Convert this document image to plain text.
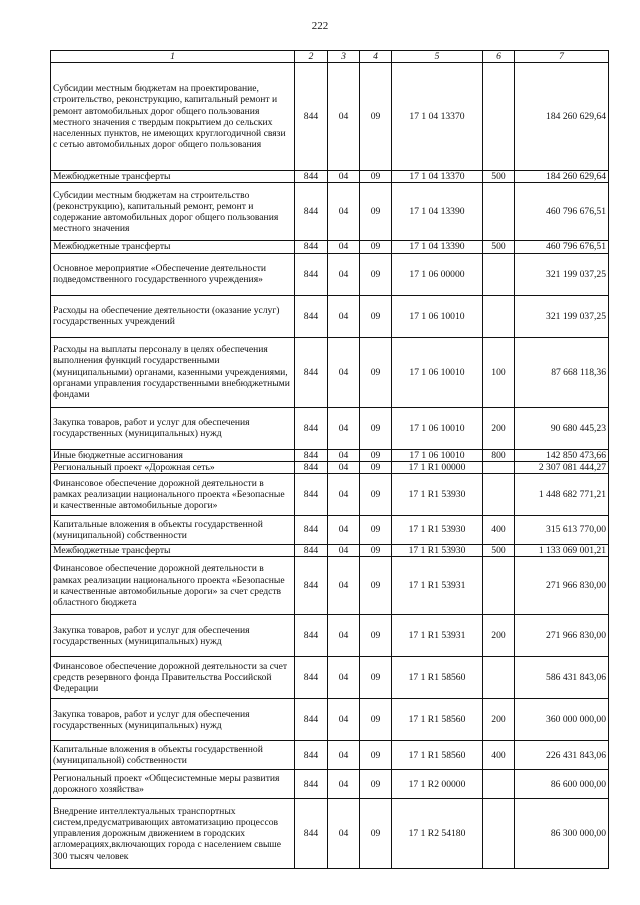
222
1	2	3	4	5	6	7
Субсидии местным бюджетам на проектирование, строительство, реконструкцию, капитальный ремонт и ремонт автомобильных дорог общего пользования местного значения с твердым покрытием до сельских населенных пунктов, не имеющих круглогодичной связи с сетью автомобильных дорог общего пользования	844	04	09	17 1 04 13370		184 260 629,64
Межбюджетные трансферты	844	04	09	17 1 04 13370	500	184 260 629,64
Субсидии местным бюджетам на строительство (реконструкцию), капитальный ремонт, ремонт и содержание автомобильных дорог общего пользования местного значения	844	04	09	17 1 04 13390		460 796 676,51
Межбюджетные трансферты	844	04	09	17 1 04 13390	500	460 796 676,51
Основное мероприятие «Обеспечение деятельности подведомственного государственного учреждения»	844	04	09	17 1 06 00000		321 199 037,25
Расходы на обеспечение деятельности (оказание услуг) государственных учреждений	844	04	09	17 1 06 10010		321 199 037,25
Расходы на выплаты персоналу в целях обеспечения выполнения функций государственными (муниципальными) органами, казенными учреждениями, органами управления государственными внебюджетными фондами	844	04	09	17 1 06 10010	100	87 668 118,36
Закупка товаров, работ и услуг для обеспечения государственных (муниципальных) нужд	844	04	09	17 1 06 10010	200	90 680 445,23
Иные бюджетные ассигнования	844	04	09	17 1 06 10010	800	142 850 473,66
Региональный проект «Дорожная сеть»	844	04	09	17 1 R1 00000		2 307 081 444,27
Финансовое обеспечение дорожной деятельности в рамках реализации национального проекта «Безопасные и качественные автомобильные дороги»	844	04	09	17 1 R1 53930		1 448 682 771,21
Капитальные вложения в объекты государственной (муниципальной) собственности	844	04	09	17 1 R1 53930	400	315 613 770,00
Межбюджетные трансферты	844	04	09	17 1 R1 53930	500	1 133 069 001,21
Финансовое обеспечение дорожной деятельности в рамках реализации национального проекта «Безопасные и качественные автомобильные дороги» за счет средств областного бюджета	844	04	09	17 1 R1 53931		271 966 830,00
Закупка товаров, работ и услуг для обеспечения государственных (муниципальных) нужд	844	04	09	17 1 R1 53931	200	271 966 830,00
Финансовое обеспечение дорожной деятельности за счет средств резервного фонда Правительства Российской Федерации	844	04	09	17 1 R1 58560		586 431 843,06
Закупка товаров, работ и услуг для обеспечения государственных (муниципальных) нужд	844	04	09	17 1 R1 58560	200	360 000 000,00
Капитальные вложения в объекты государственной (муниципальной) собственности	844	04	09	17 1 R1 58560	400	226 431 843,06
Региональный проект «Общесистемные меры развития дорожного хозяйства»	844	04	09	17 1 R2 00000		86 600 000,00
Внедрение интеллектуальных транспортных систем,предусматривающих автоматизацию процессов управления дорожным движением в городских агломерациях,включающих города с населением свыше 300 тысяч человек	844	04	09	17 1 R2 54180		86 300 000,00
